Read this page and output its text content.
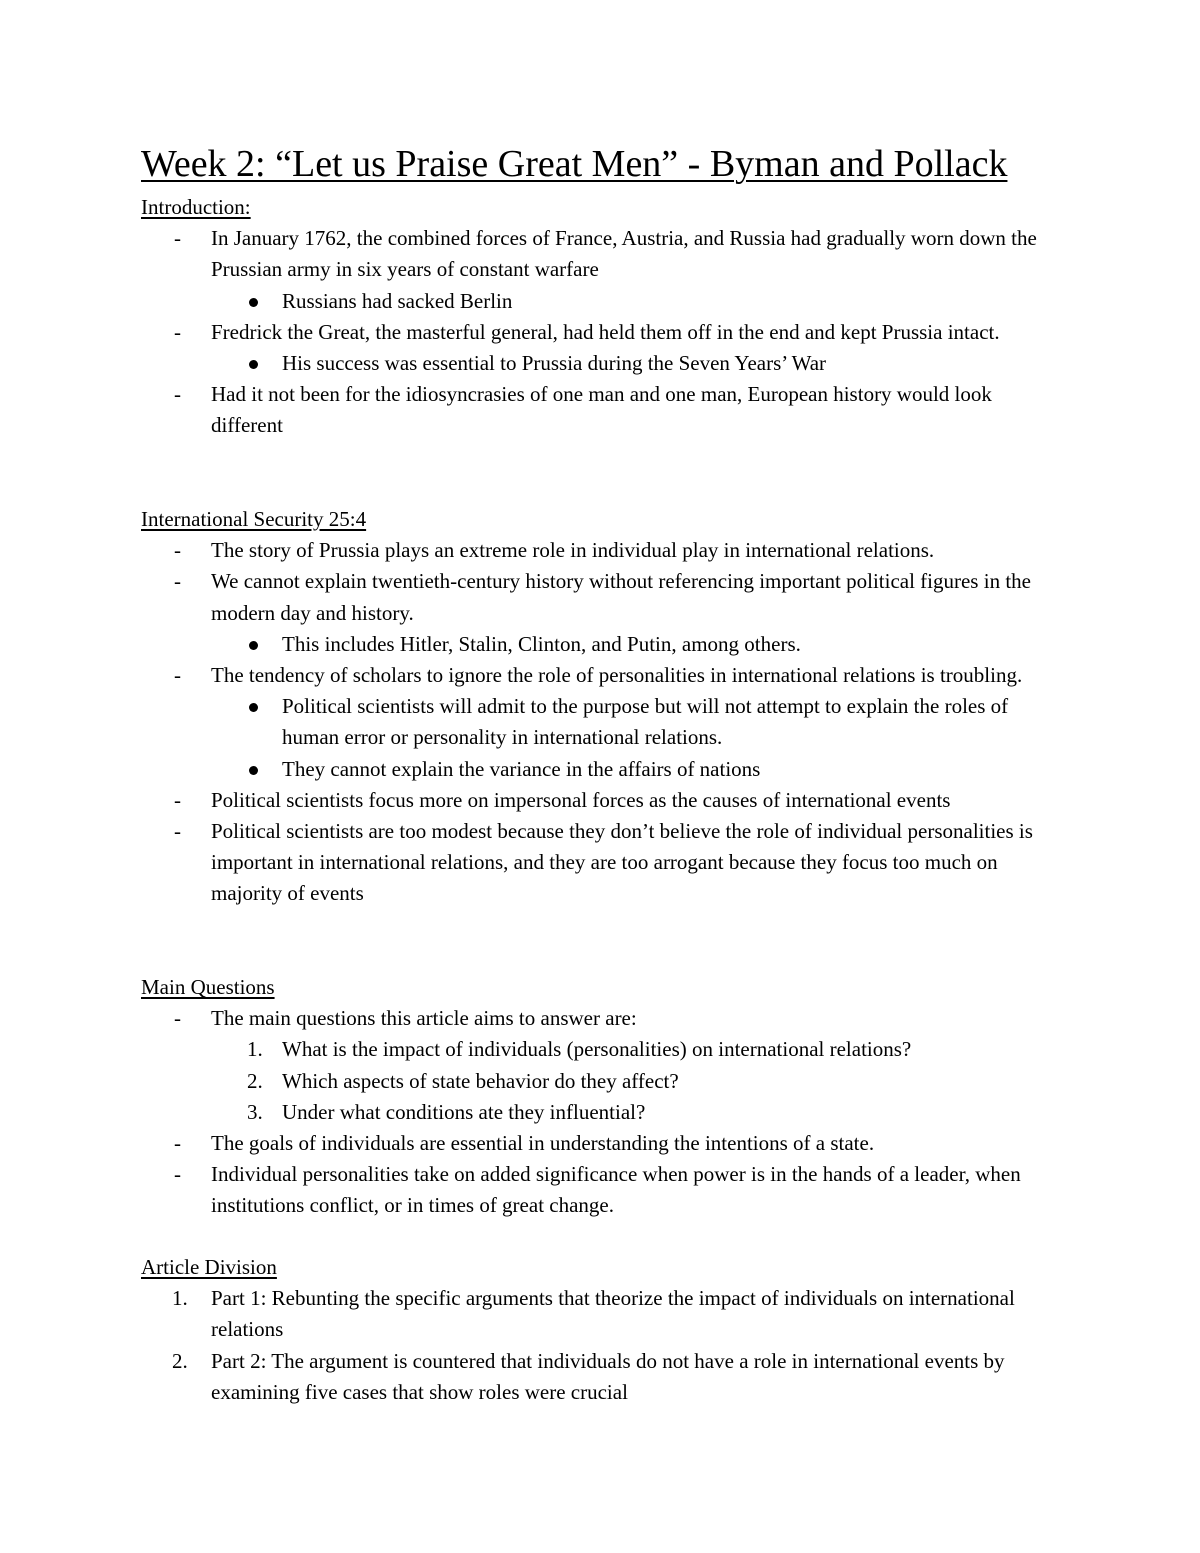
Week 2: “Let us Praise Great Men” - Byman and Pollack

Introduction:

- In January 1762, the combined forces of France, Austria, and Russia had gradually worn down the Prussian army in six years of constant warfare
Russians had sacked Berlin
- Fredrick the Great, the masterful general, had held them off in the end and kept Prussia intact.
His success was essential to Prussia during the Seven Years’ War
- Had it not been for the idiosyncrasies of one man and one man, European history would look different

International Security 25:4

- The story of Prussia plays an extreme role in individual play in international relations.
- We cannot explain twentieth-century history without referencing important political figures in the modern day and history.
This includes Hitler, Stalin, Clinton, and Putin, among others.
- The tendency of scholars to ignore the role of personalities in international relations is troubling.
Political scientists will admit to the purpose but will not attempt to explain the roles of human error or personality in international relations.
They cannot explain the variance in the affairs of nations
- Political scientists focus more on impersonal forces as the causes of international events
- Political scientists are too modest because they don’t believe the role of individual personalities is important in international relations, and they are too arrogant because they focus too much on majority of events

Main Questions

- The main questions this article aims to answer are:
1. What is the impact of individuals (personalities) on international relations?
2. Which aspects of state behavior do they affect?
3. Under what conditions ate they influential?
- The goals of individuals are essential in understanding the intentions of a state.
- Individual personalities take on added significance when power is in the hands of a leader, when institutions conflict, or in times of great change.

Article Division

1. Part 1: Rebunting the specific arguments that theorize the impact of individuals on international relations
2. Part 2: The argument is countered that individuals do not have a role in international events by examining five cases that show roles were crucial
